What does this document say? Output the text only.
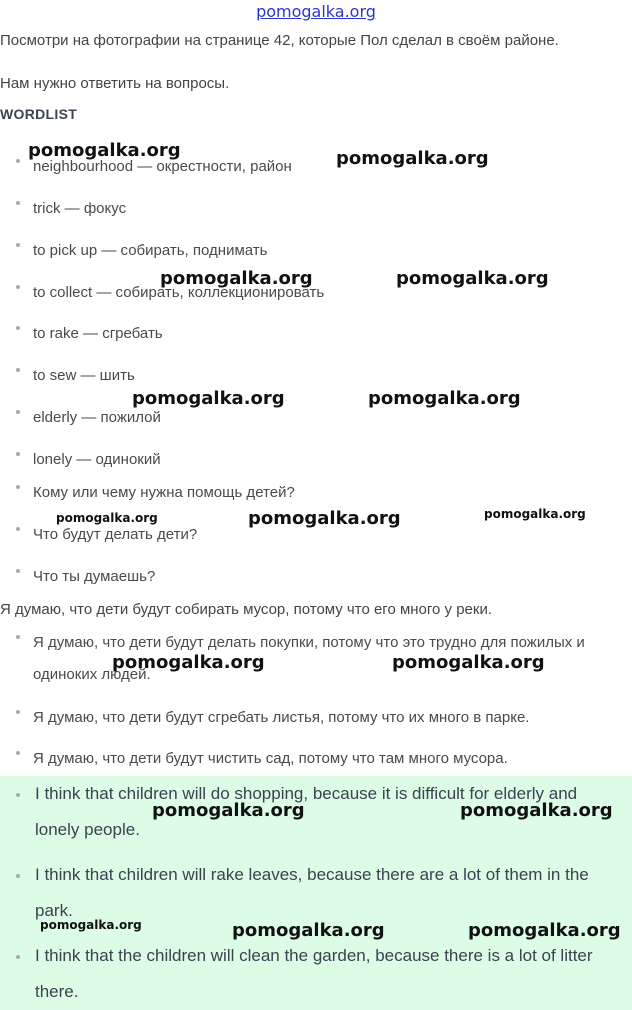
pomogalka.org

Посмотри на фотографии на странице 42, которые Пол сделал в своём районе.

Нам нужно ответить на вопросы.

WORDLIST
neighbourhood — окрестности, район
trick — фокус
to pick up — собирать, поднимать
to collect — собирать, коллекционировать
to rake — сгребать
to sew — шить
elderly — пожилой
lonely — одинокий
Кому или чему нужна помощь детей?
Что будут делать дети?
Что ты думаешь?

Я думаю, что дети будут собирать мусор, потому что его много у реки.

Я думаю, что дети будут делать покупки, потому что это трудно для пожилых и одиноких людей.
Я думаю, что дети будут сгребать листья, потому что их много в парке.
Я думаю, что дети будут чистить сад, потому что там много мусора.
I think that children will do shopping, because it is difficult for elderly and lonely people.
I think that children will rake leaves, because there are a lot of them in the park.
I think that the children will clean the garden, because there is a lot of litter there.
pomogalka.org	pomogalka.org
pomogalka.org	pomogalka.org
pomogalka.org	pomogalka.org
pomogalka.org	pomogalka.org	pomogalka.org
pomogalka.org	pomogalka.org
pomogalka.org	pomogalka.org
pomogalka.org	pomogalka.org	pomogalka.org
